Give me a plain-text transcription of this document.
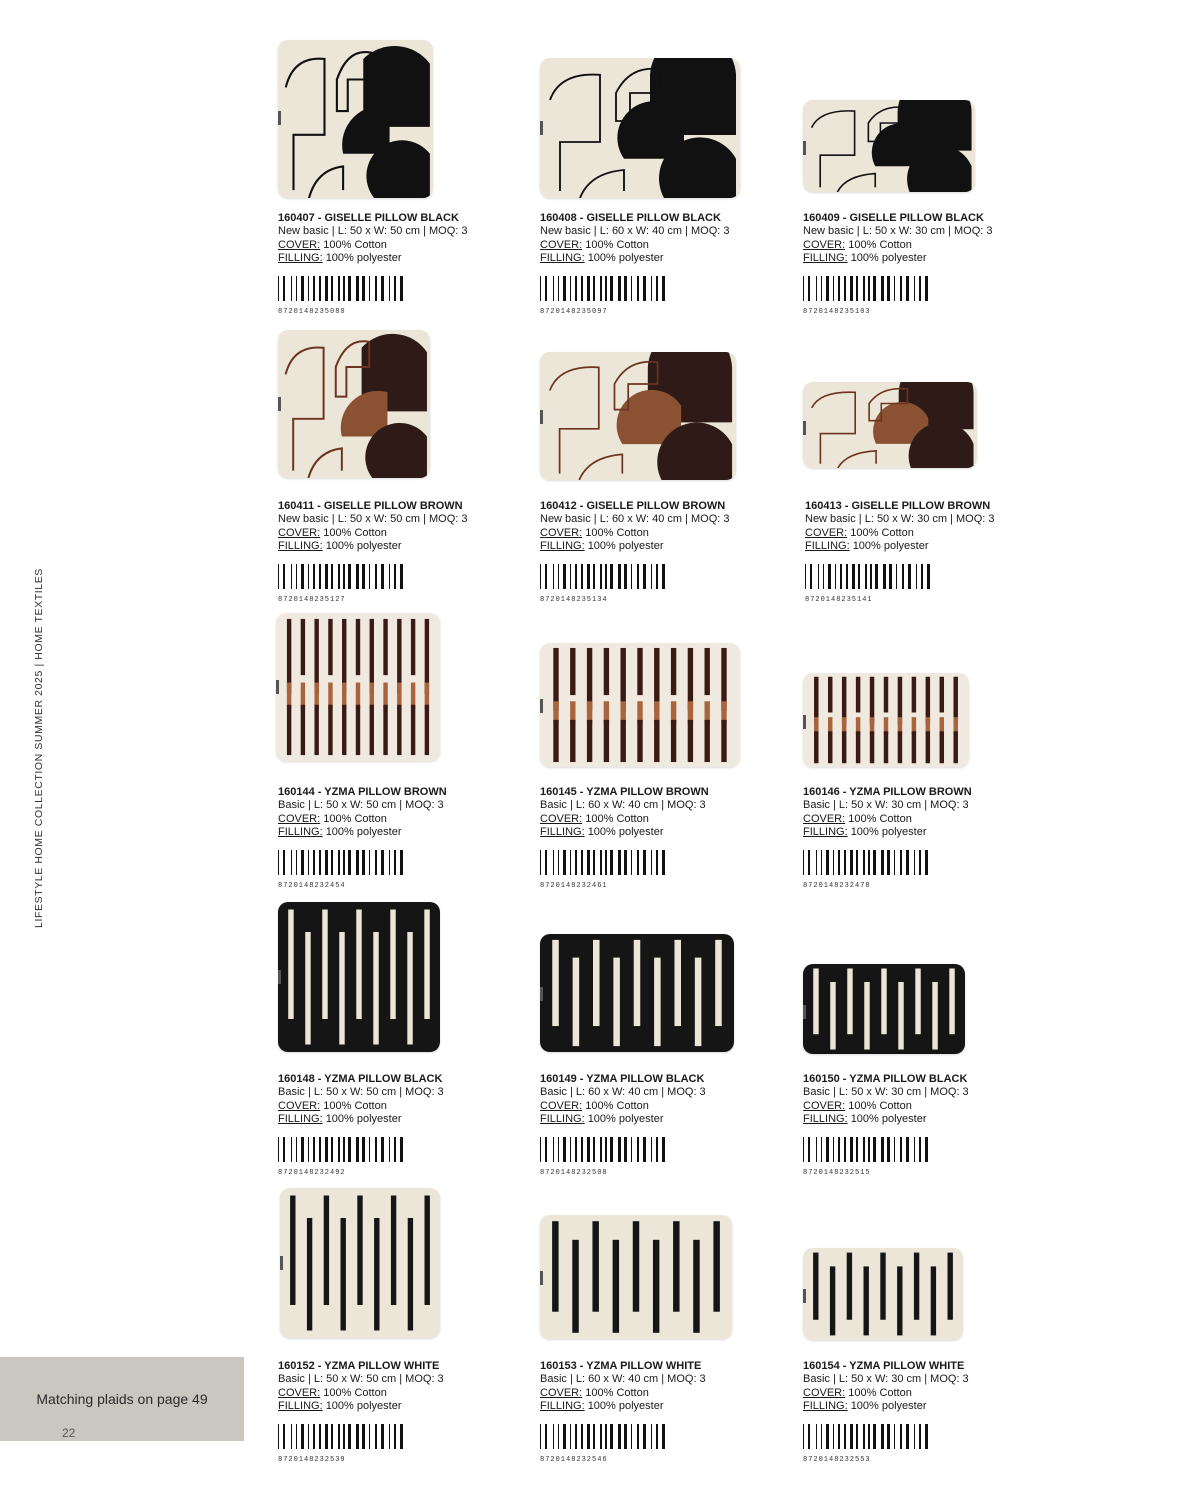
LIFESTYLE HOME COLLECTION SUMMER 2025 | HOME TEXTILES
Matching plaids on page 49
22
160407 - GISELLE PILLOW BLACK
New basic | L: 50 x W: 50 cm | MOQ: 3
COVER: 100% Cotton
FILLING: 100% polyester
8720148235080
160408 - GISELLE PILLOW BLACK
New basic | L: 60 x W: 40 cm | MOQ: 3
COVER: 100% Cotton
FILLING: 100% polyester
8720148235097
160409 - GISELLE PILLOW BLACK
New basic | L: 50 x W: 30 cm | MOQ: 3
COVER: 100% Cotton
FILLING: 100% polyester
8720148235103
160411 - GISELLE PILLOW BROWN
New basic | L: 50 x W: 50 cm | MOQ: 3
COVER: 100% Cotton
FILLING: 100% polyester
8720148235127
160412 - GISELLE PILLOW BROWN
New basic | L: 60 x W: 40 cm | MOQ: 3
COVER: 100% Cotton
FILLING: 100% polyester
8720148235134
160413 - GISELLE PILLOW BROWN
New basic | L: 50 x W: 30 cm | MOQ: 3
COVER: 100% Cotton
FILLING: 100% polyester
8720148235141
160144 - YZMA PILLOW BROWN
Basic | L: 50 x W: 50 cm | MOQ: 3
COVER: 100% Cotton
FILLING: 100% polyester
8720148232454
160145 - YZMA PILLOW BROWN
Basic | L: 60 x W: 40 cm | MOQ: 3
COVER: 100% Cotton
FILLING: 100% polyester
8720148232461
160146 - YZMA PILLOW BROWN
Basic | L: 50 x W: 30 cm | MOQ: 3
COVER: 100% Cotton
FILLING: 100% polyester
8720148232478
160148 - YZMA PILLOW BLACK
Basic | L: 50 x W: 50 cm | MOQ: 3
COVER: 100% Cotton
FILLING: 100% polyester
8720148232492
160149 - YZMA PILLOW BLACK
Basic | L: 60 x W: 40 cm | MOQ: 3
COVER: 100% Cotton
FILLING: 100% polyester
8720148232508
160150 - YZMA PILLOW BLACK
Basic | L: 50 x W: 30 cm | MOQ: 3
COVER: 100% Cotton
FILLING: 100% polyester
8720148232515
160152 - YZMA PILLOW WHITE
Basic | L: 50 x W: 50 cm | MOQ: 3
COVER: 100% Cotton
FILLING: 100% polyester
8720148232539
160153 - YZMA PILLOW WHITE
Basic | L: 60 x W: 40 cm | MOQ: 3
COVER: 100% Cotton
FILLING: 100% polyester
8720148232546
160154 - YZMA PILLOW WHITE
Basic | L: 50 x W: 30 cm | MOQ: 3
COVER: 100% Cotton
FILLING: 100% polyester
8720148232553
